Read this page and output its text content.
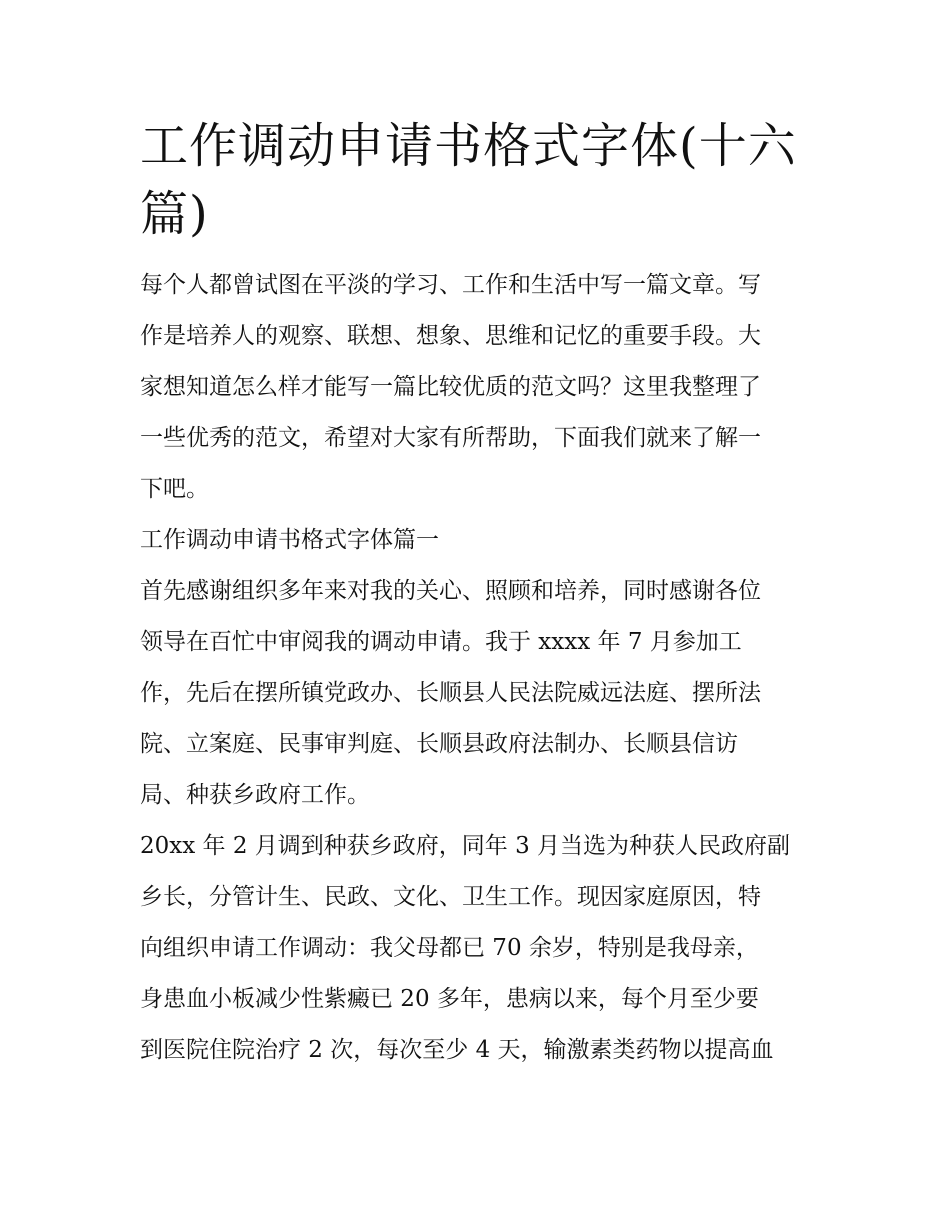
工作调动申请书格式字体(十六
篇)
每个人都曾试图在平淡的学习、工作和生活中写一篇文章。写
作是培养人的观察、联想、想象、思维和记忆的重要手段。大
家想知道怎么样才能写一篇比较优质的范文吗？这里我整理了
一些优秀的范文，希望对大家有所帮助，下面我们就来了解一
下吧。
工作调动申请书格式字体篇一
首先感谢组织多年来对我的关心、照顾和培养，同时感谢各位
领导在百忙中审阅我的调动申请。我于 xxxx 年 7 月参加工
作，先后在摆所镇党政办、长顺县人民法院威远法庭、摆所法
院、立案庭、民事审判庭、长顺县政府法制办、长顺县信访
局、种获乡政府工作。
20xx 年 2 月调到种获乡政府，同年 3 月当选为种获人民政府副
乡长，分管计生、民政、文化、卫生工作。现因家庭原因，特
向组织申请工作调动：我父母都已 70 余岁，特别是我母亲，
身患血小板减少性紫癜已 20 多年，患病以来，每个月至少要
到医院住院治疗 2 次，每次至少 4 天，输激素类药物以提高血
